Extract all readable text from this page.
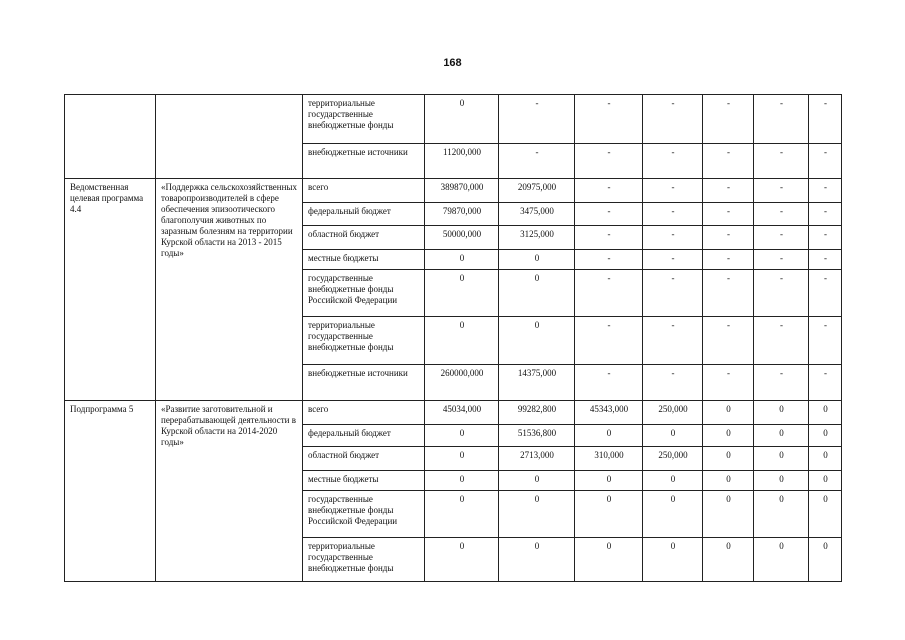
168
		территориальные государственные внебюджетные фонды	0	-	-	-	-	-	-
		внебюджетные источники	11200,000	-	-	-	-	-	-
Ведомственная целевая программа 4.4	«Поддержка сельскохозяйственных товаропроизводителей в сфере обеспечения эпизоотического благополучия животных по заразным болезням на территории Курской области на 2013 - 2015 годы»	всего	389870,000	20975,000	-	-	-	-	-
		федеральный бюджет	79870,000	3475,000	-	-	-	-	-
		областной бюджет	50000,000	3125,000	-	-	-	-	-
		местные бюджеты	0	0	-	-	-	-	-
		государственные внебюджетные фонды Российской Федерации	0	0	-	-	-	-	-
		территориальные государственные внебюджетные фонды	0	0	-	-	-	-	-
		внебюджетные источники	260000,000	14375,000	-	-	-	-	-
Подпрограмма 5	«Развитие заготовительной и перерабатывающей деятельности в Курской области на 2014-2020 годы»	всего	45034,000	99282,800	45343,000	250,000	0	0	0
		федеральный бюджет	0	51536,800	0	0	0	0	0
		областной бюджет	0	2713,000	310,000	250,000	0	0	0
		местные бюджеты	0	0	0	0	0	0	0
		государственные внебюджетные фонды Российской Федерации	0	0	0	0	0	0	0
		территориальные государственные внебюджетные фонды	0	0	0	0	0	0	0
